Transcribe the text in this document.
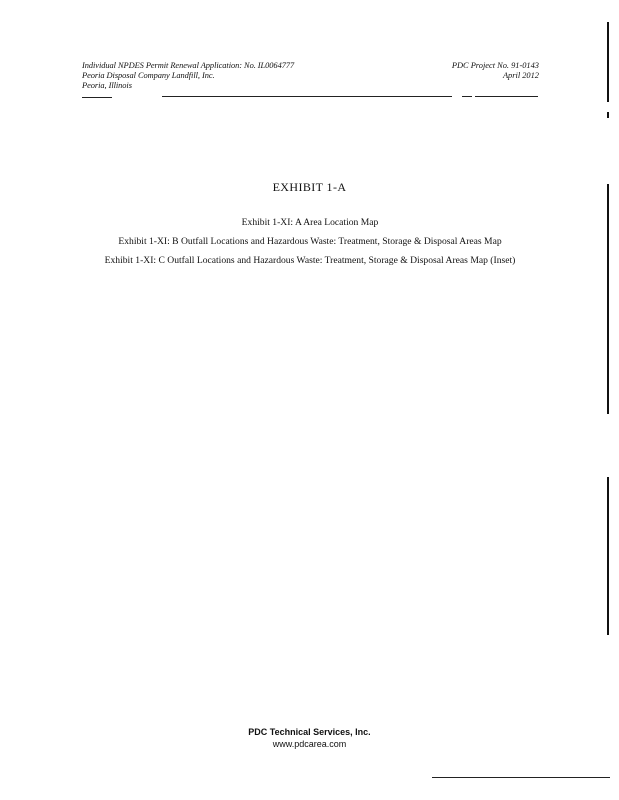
Individual NPDES Permit Renewal Application: No. IL0064777
Peoria Disposal Company Landfill, Inc.
Peoria, Illinois
PDC Project No. 91-0143
April 2012
EXHIBIT 1-A
Exhibit 1-XI: A Area Location Map
Exhibit 1-XI: B Outfall Locations and Hazardous Waste: Treatment, Storage & Disposal Areas Map
Exhibit 1-XI: C Outfall Locations and Hazardous Waste: Treatment, Storage & Disposal Areas Map (Inset)
PDC Technical Services, Inc.
www.pdcarea.com
